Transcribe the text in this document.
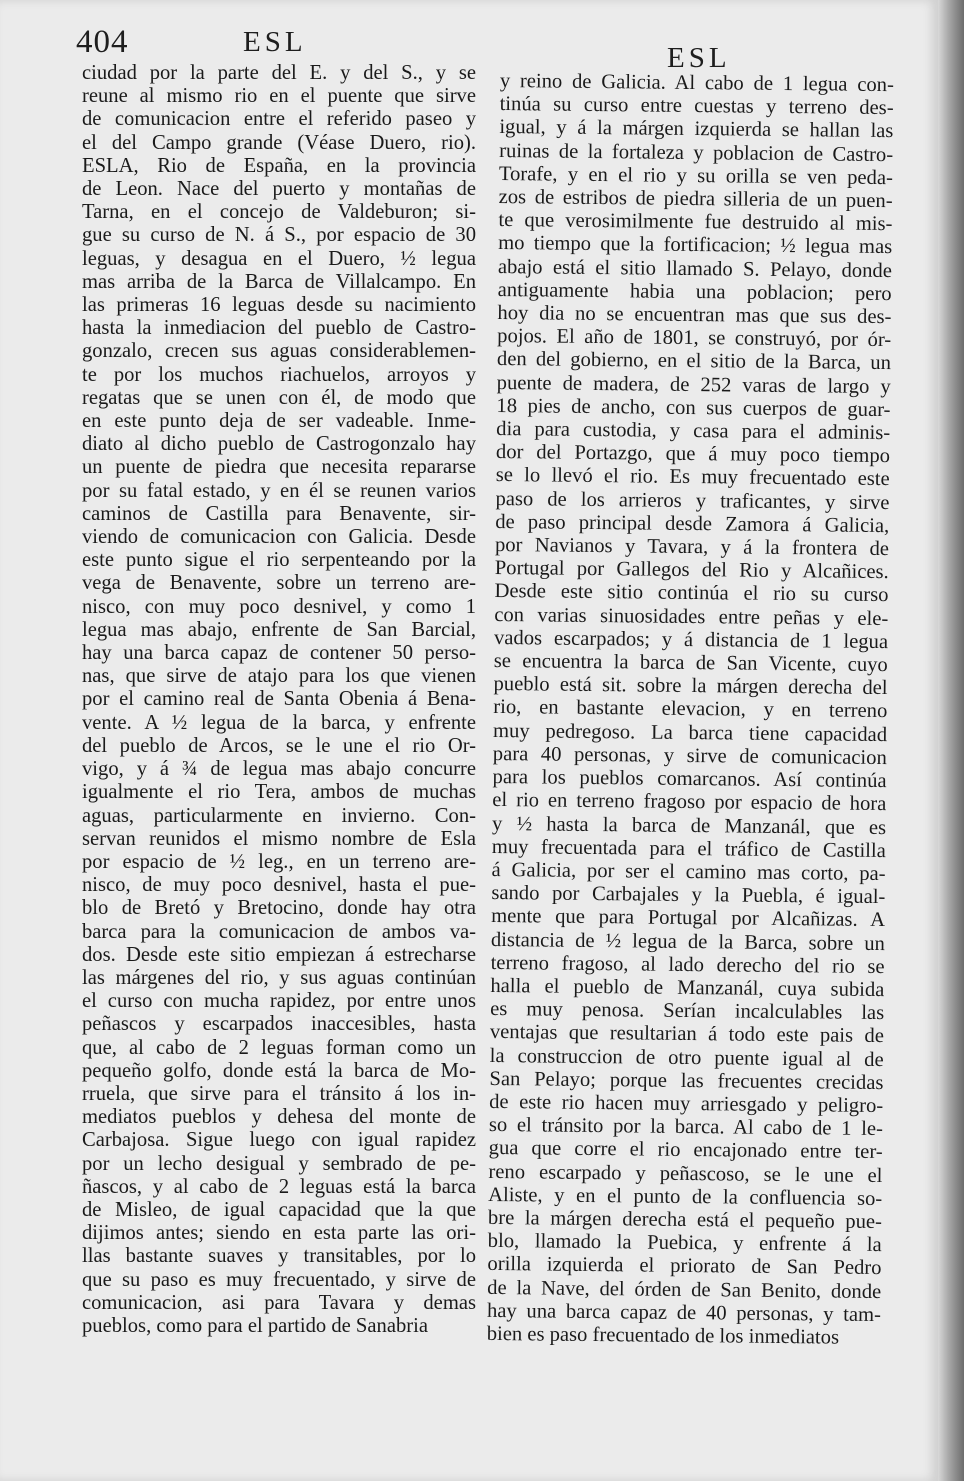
404	ESL	ESL
ciudad por la parte del E. y del S., y se
reune al mismo rio en el puente que sirve
de comunicacion entre el referido paseo y
el del Campo grande (Véase Duero, rio).
ESLA, Rio de España, en la provincia
de Leon. Nace del puerto y montañas de
Tarna, en el concejo de Valdeburon; si-
gue su curso de N. á S., por espacio de 30
leguas, y desagua en el Duero, ½ legua
mas arriba de la Barca de Villalcampo. En
las primeras 16 leguas desde su nacimiento
hasta la inmediacion del pueblo de Castro-
gonzalo, crecen sus aguas considerablemen-
te por los muchos riachuelos, arroyos y
regatas que se unen con él, de modo que
en este punto deja de ser vadeable. Inme-
diato al dicho pueblo de Castrogonzalo hay
un puente de piedra que necesita repararse
por su fatal estado, y en él se reunen varios
caminos de Castilla para Benavente, sir-
viendo de comunicacion con Galicia. Desde
este punto sigue el rio serpenteando por la
vega de Benavente, sobre un terreno are-
nisco, con muy poco desnivel, y como 1
legua mas abajo, enfrente de San Barcial,
hay una barca capaz de contener 50 perso-
nas, que sirve de atajo para los que vienen
por el camino real de Santa Obenia á Bena-
vente. A ½ legua de la barca, y enfrente
del pueblo de Arcos, se le une el rio Or-
vigo, y á ¾ de legua mas abajo concurre
igualmente el rio Tera, ambos de muchas
aguas, particularmente en invierno. Con-
servan reunidos el mismo nombre de Esla
por espacio de ½ leg., en un terreno are-
nisco, de muy poco desnivel, hasta el pue-
blo de Bretó y Bretocino, donde hay otra
barca para la comunicacion de ambos va-
dos. Desde este sitio empiezan á estrecharse
las márgenes del rio, y sus aguas continúan
el curso con mucha rapidez, por entre unos
peñascos y escarpados inaccesibles, hasta
que, al cabo de 2 leguas forman como un
pequeño golfo, donde está la barca de Mo-
rruela, que sirve para el tránsito á los in-
mediatos pueblos y dehesa del monte de
Carbajosa. Sigue luego con igual rapidez
por un lecho desigual y sembrado de pe-
ñascos, y al cabo de 2 leguas está la barca
de Misleo, de igual capacidad que la que
dijimos antes; siendo en esta parte las ori-
llas bastante suaves y transitables, por lo
que su paso es muy frecuentado, y sirve de
comunicacion, asi para Tavara y demas
pueblos, como para el partido de Sanabria
y reino de Galicia. Al cabo de 1 legua con-
tinúa su curso entre cuestas y terreno des-
igual, y á la márgen izquierda se hallan las
ruinas de la fortaleza y poblacion de Castro-
Torafe, y en el rio y su orilla se ven peda-
zos de estribos de piedra silleria de un puen-
te que verosimilmente fue destruido al mis-
mo tiempo que la fortificacion; ½ legua mas
abajo está el sitio llamado S. Pelayo, donde
antiguamente habia una poblacion; pero
hoy dia no se encuentran mas que sus des-
pojos. El año de 1801, se construyó, por ór-
den del gobierno, en el sitio de la Barca, un
puente de madera, de 252 varas de largo y
18 pies de ancho, con sus cuerpos de guar-
dia para custodia, y casa para el adminis-
dor del Portazgo, que á muy poco tiempo
se lo llevó el rio. Es muy frecuentado este
paso de los arrieros y traficantes, y sirve
de paso principal desde Zamora á Galicia,
por Navianos y Tavara, y á la frontera de
Portugal por Gallegos del Rio y Alcañices.
Desde este sitio continúa el rio su curso
con varias sinuosidades entre peñas y ele-
vados escarpados; y á distancia de 1 legua
se encuentra la barca de San Vicente, cuyo
pueblo está sit. sobre la márgen derecha del
rio, en bastante elevacion, y en terreno
muy pedregoso. La barca tiene capacidad
para 40 personas, y sirve de comunicacion
para los pueblos comarcanos. Así continúa
el rio en terreno fragoso por espacio de hora
y ½ hasta la barca de Manzanál, que es
muy frecuentada para el tráfico de Castilla
á Galicia, por ser el camino mas corto, pa-
sando por Carbajales y la Puebla, é igual-
mente que para Portugal por Alcañizas. A
distancia de ½ legua de la Barca, sobre un
terreno fragoso, al lado derecho del rio se
halla el pueblo de Manzanál, cuya subida
es muy penosa. Serían incalculables las
ventajas que resultarian á todo este pais de
la construccion de otro puente igual al de
San Pelayo; porque las frecuentes crecidas
de este rio hacen muy arriesgado y peligro-
so el tránsito por la barca. Al cabo de 1 le-
gua que corre el rio encajonado entre ter-
reno escarpado y peñascoso, se le une el
Aliste, y en el punto de la confluencia so-
bre la márgen derecha está el pequeño pue-
blo, llamado la Puebica, y enfrente á la
orilla izquierda el priorato de San Pedro
de la Nave, del órden de San Benito, donde
hay una barca capaz de 40 personas, y tam-
bien es paso frecuentado de los inmediatos
